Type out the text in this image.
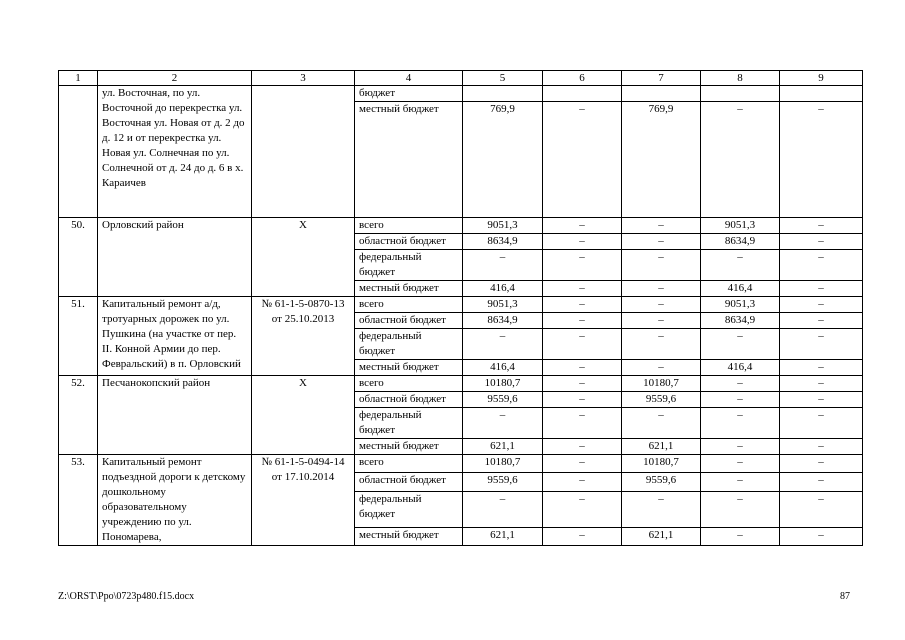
1	2	3	4	5	6	7	8	9
	ул. Восточная, по ул. Восточной до перекрестка ул. Восточная ул. Новая от д. 2 до д. 12 и от перекрестка ул. Новая ул. Солнечная по ул. Солнечной от д. 24 до д. 6 в х. Караичев		бюджет					
			местный бюджет	769,9	–	769,9	–	–
50.	Орловский район	Х	всего	9051,3	–	–	9051,3	–
			областной бюджет	8634,9	–	–	8634,9	–
			федеральный бюджет	–	–	–	–	–
			местный бюджет	416,4	–	–	416,4	–
51.	Капитальный ремонт а/д, тротуарных дорожек по ул. Пушкина (на участке от пер. II. Конной Армии до пер. Февральский) в п. Орловский	№ 61-1-5-0870-13 от 25.10.2013	всего	9051,3	–	–	9051,3	–
			областной бюджет	8634,9	–	–	8634,9	–
			федеральный бюджет	–	–	–	–	–
			местный бюджет	416,4	–	–	416,4	–
52.	Песчанокопский район	Х	всего	10180,7	–	10180,7	–	–
			областной бюджет	9559,6	–	9559,6	–	–
			федеральный бюджет	–	–	–	–	–
			местный бюджет	621,1	–	621,1	–	–
53.	Капитальный ремонт подъездной дороги к детскому дошкольному образовательному учреждению по ул. Пономарева,	№ 61-1-5-0494-14 от 17.10.2014	всего	10180,7	–	10180,7	–	–
			областной бюджет	9559,6	–	9559,6	–	–
			федеральный бюджет	–	–	–	–	–
			местный бюджет	621,1	–	621,1	–	–
Z:\ORST\Ppo\0723p480.f15.docx	87
